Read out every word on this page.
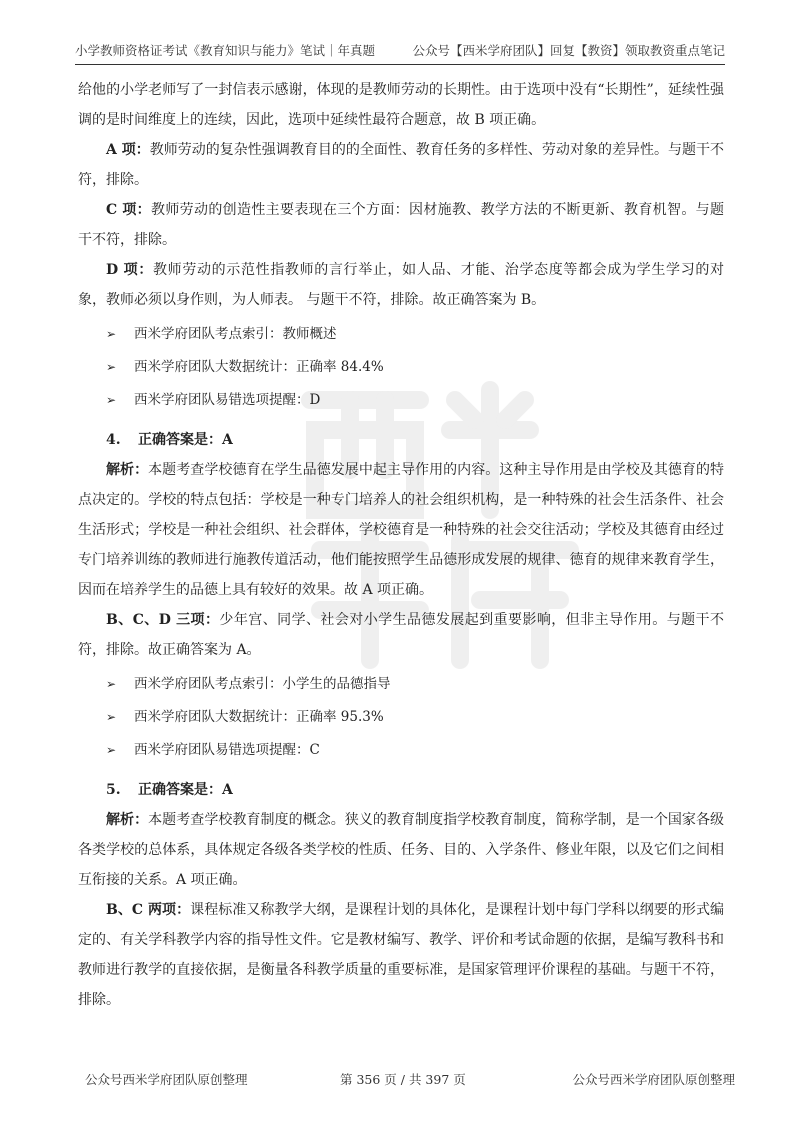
小学教师资格证考试《教育知识与能力》笔试｜年真题	公众号【西米学府团队】回复【教资】领取教资重点笔记

给他的小学老师写了一封信表示感谢，体现的是教师劳动的长期性。由于选项中没有“长期性”，延续性强调的是时间维度上的连续，因此，选项中延续性最符合题意，故 B 项正确。

A 项：教师劳动的复杂性强调教育目的的全面性、教育任务的多样性、劳动对象的差异性。与题干不符，排除。

C 项：教师劳动的创造性主要表现在三个方面：因材施教、教学方法的不断更新、教育机智。与题干不符，排除。

D 项：教师劳动的示范性指教师的言行举止，如人品、才能、治学态度等都会成为学生学习的对象，教师必须以身作则，为人师表。 与题干不符，排除。故正确答案为 B。

➢ 西米学府团队考点索引：教师概述
➢ 西米学府团队大数据统计：正确率 84.4%
➢ 西米学府团队易错选项提醒：D
4. 正确答案是：A

解析：本题考查学校德育在学生品德发展中起主导作用的内容。这种主导作用是由学校及其德育的特点决定的。学校的特点包括：学校是一种专门培养人的社会组织机构，是一种特殊的社会生活条件、社会生活形式；学校是一种社会组织、社会群体，学校德育是一种特殊的社会交往活动；学校及其德育由经过专门培养训练的教师进行施教传道活动，他们能按照学生品德形成发展的规律、德育的规律来教育学生，因而在培养学生的品德上具有较好的效果。故 A 项正确。

B、C、D 三项：少年宫、同学、社会对小学生品德发展起到重要影响，但非主导作用。与题干不符，排除。故正确答案为 A。

➢ 西米学府团队考点索引：小学生的品德指导
➢ 西米学府团队大数据统计：正确率 95.3%
➢ 西米学府团队易错选项提醒：C
5. 正确答案是：A

解析：本题考查学校教育制度的概念。狭义的教育制度指学校教育制度，简称学制，是一个国家各级各类学校的总体系，具体规定各级各类学校的性质、任务、目的、入学条件、修业年限，以及它们之间相互衔接的关系。A 项正确。

B、C 两项：课程标准又称教学大纲，是课程计划的具体化，是课程计划中每门学科以纲要的形式编定的、有关学科教学内容的指导性文件。它是教材编写、教学、评价和考试命题的依据，是编写教科书和教师进行教学的直接依据，是衡量各科教学质量的重要标准，是国家管理评价课程的基础。与题干不符，排除。

公众号西米学府团队原创整理	第 356 页 / 共 397 页	公众号西米学府团队原创整理
